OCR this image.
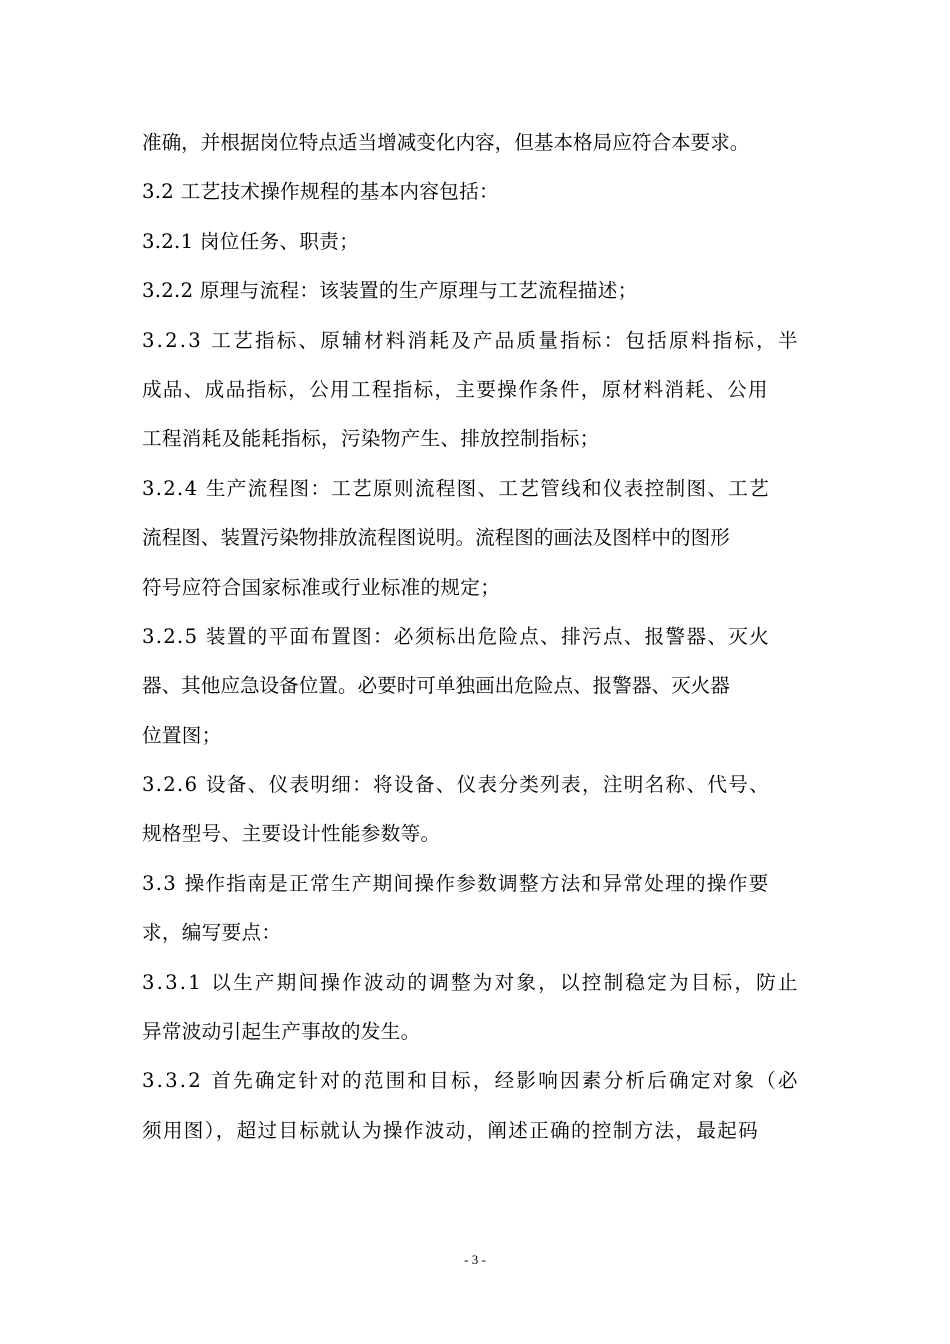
准确，并根据岗位特点适当增减变化内容，但基本格局应符合本要求。
3.2 工艺技术操作规程的基本内容包括：
3.2.1 岗位任务、职责；
3.2.2 原理与流程：该装置的生产原理与工艺流程描述；
3.2.3 工艺指标、原辅材料消耗及产品质量指标：包括原料指标，半
成品、成品指标，公用工程指标，主要操作条件，原材料消耗、公用
工程消耗及能耗指标，污染物产生、排放控制指标；
3.2.4 生产流程图：工艺原则流程图、工艺管线和仪表控制图、工艺
流程图、装置污染物排放流程图说明。流程图的画法及图样中的图形
符号应符合国家标准或行业标准的规定；
3.2.5 装置的平面布置图：必须标出危险点、排污点、报警器、灭火
器、其他应急设备位置。必要时可单独画出危险点、报警器、灭火器
位置图；
3.2.6 设备、仪表明细：将设备、仪表分类列表，注明名称、代号、
规格型号、主要设计性能参数等。
3.3 操作指南是正常生产期间操作参数调整方法和异常处理的操作要
求，编写要点：
3.3.1 以生产期间操作波动的调整为对象，以控制稳定为目标，防止
异常波动引起生产事故的发生。
3.3.2 首先确定针对的范围和目标，经影响因素分析后确定对象（必
须用图），超过目标就认为操作波动，阐述正确的控制方法，最起码
- 3 -
